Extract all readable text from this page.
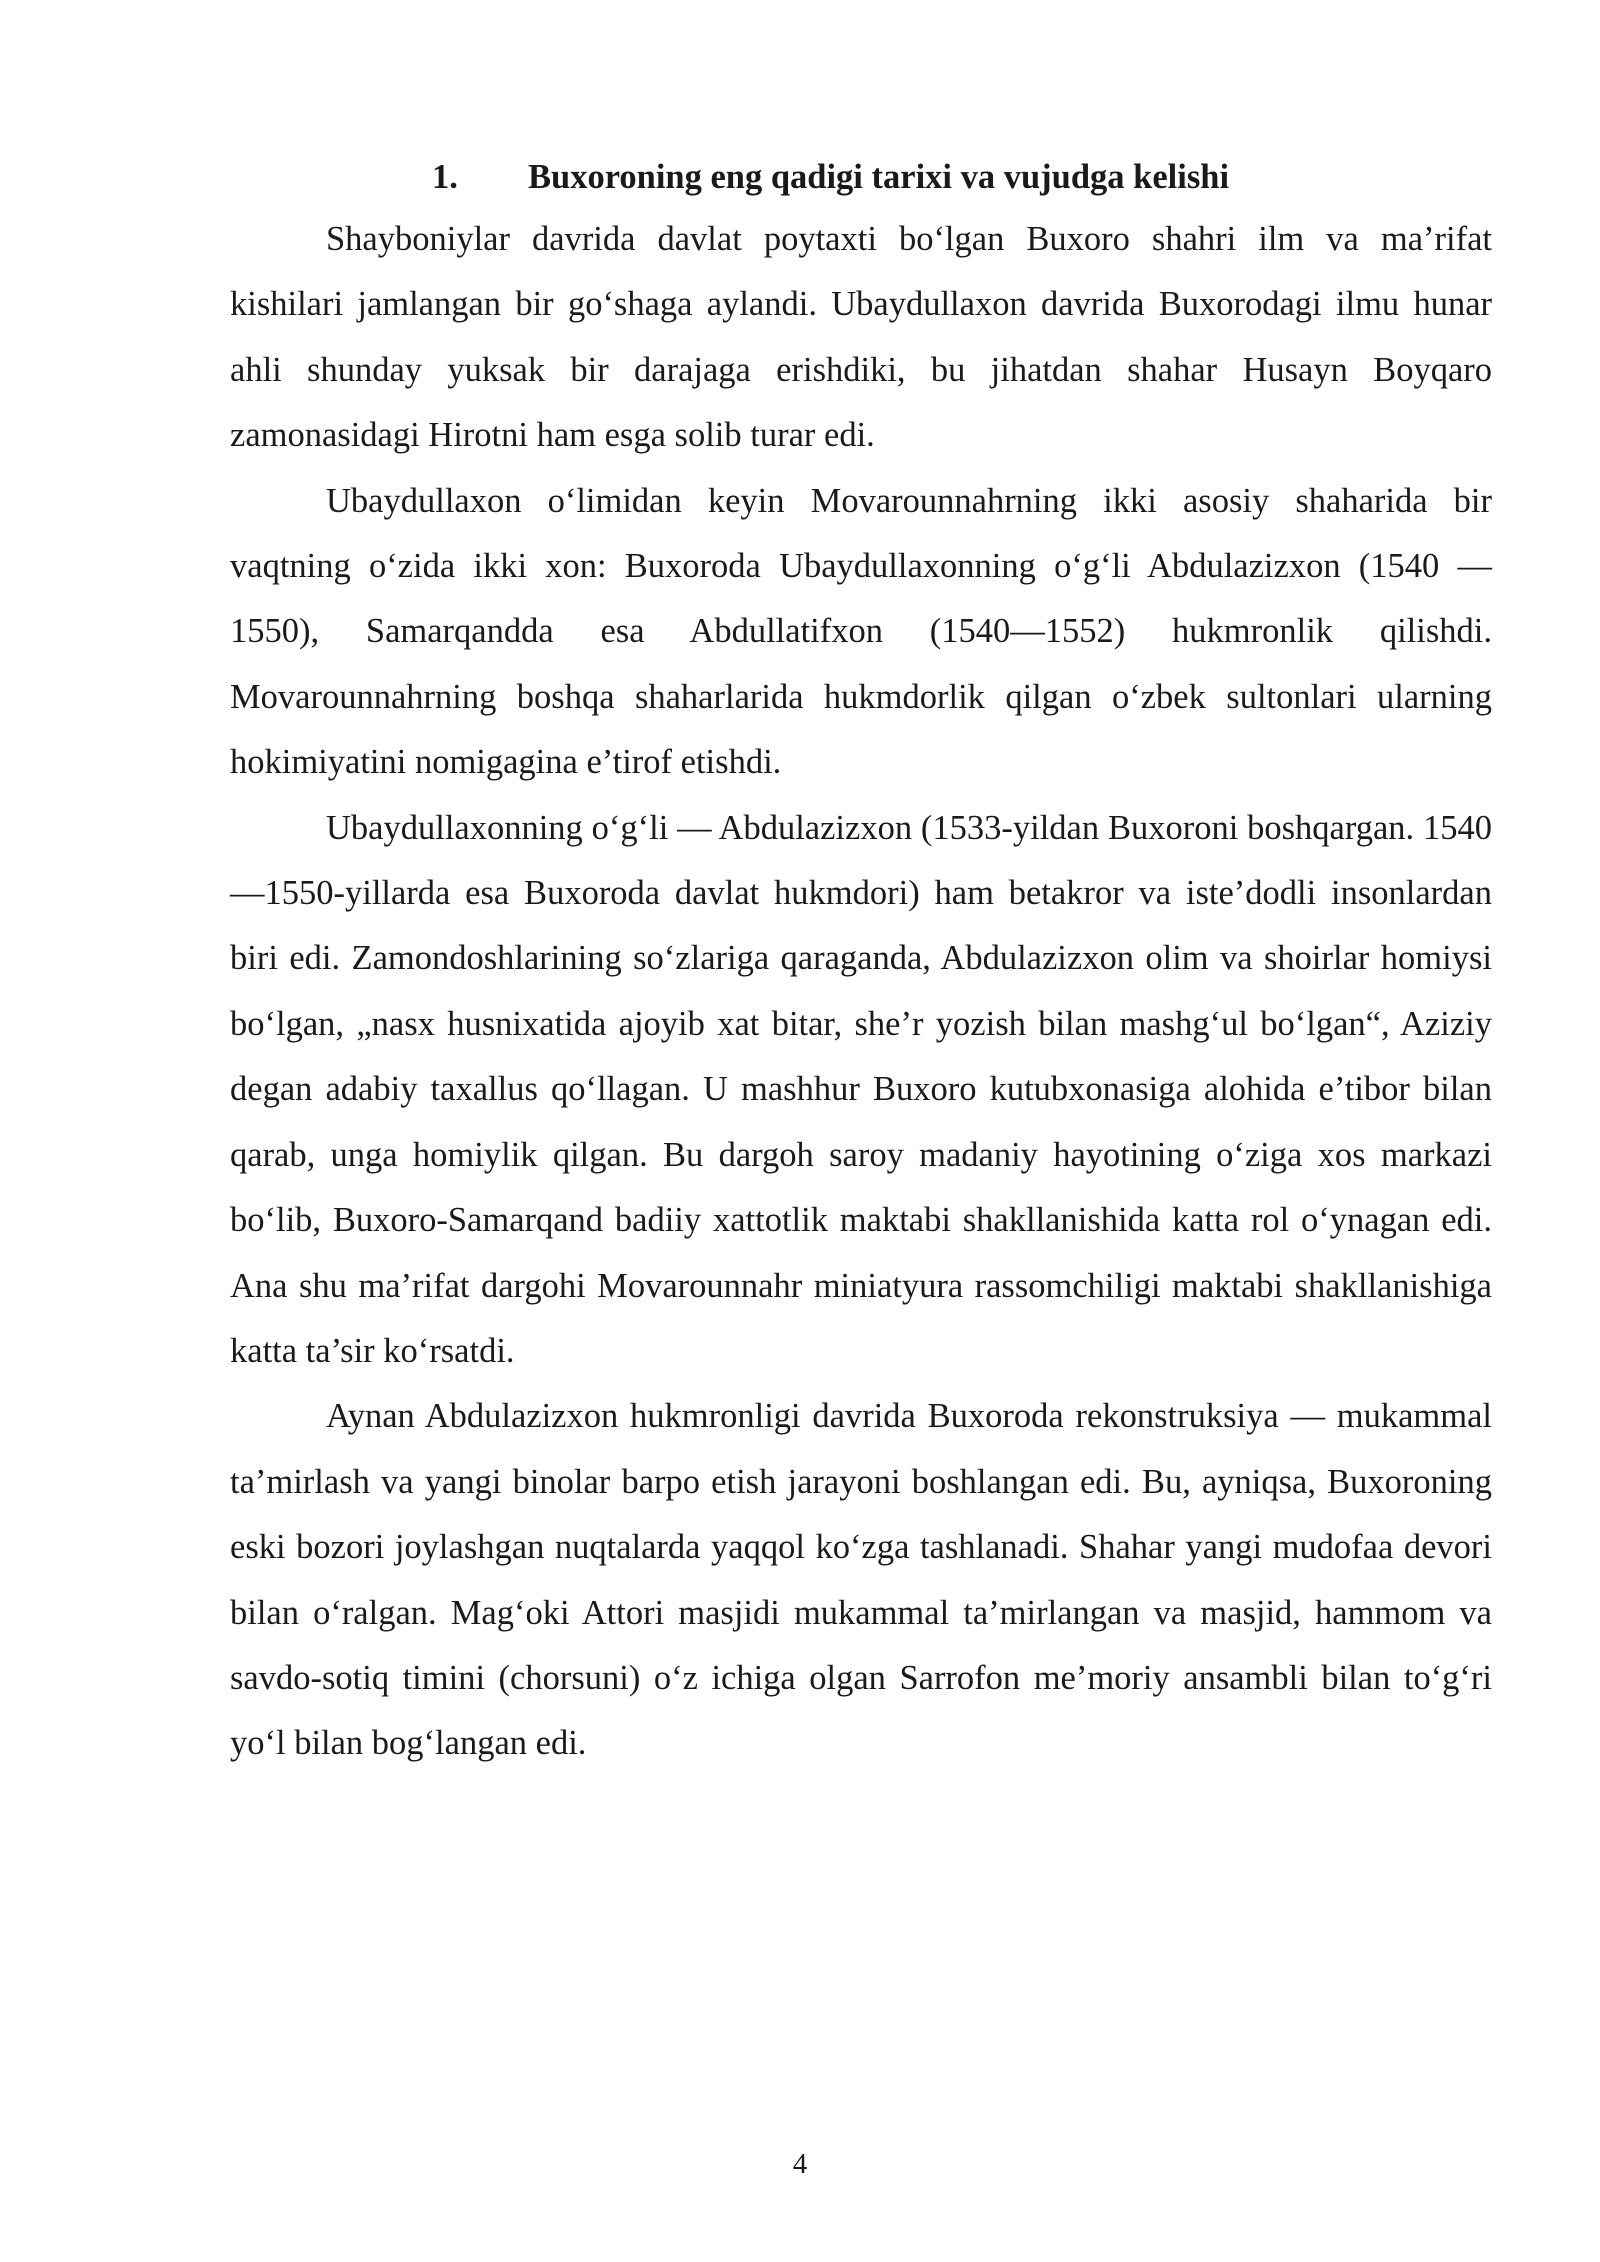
1. Buxoroning eng qadigi tarixi va vujudga kelishi

Shayboniylar davrida davlat poytaxti bo‘lgan Buxoro shahri ilm va ma’rifat kishilari jamlangan bir go‘shaga aylandi. Ubaydullaxon davrida Buxorodagi ilmu hunar ahli shunday yuksak bir darajaga erishdiki, bu jihatdan shahar Husayn Boyqaro zamonasidagi Hirotni ham esga solib turar edi.

Ubaydullaxon o‘limidan keyin Movarounnahrning ikki asosiy shaharida bir vaqtning o‘zida ikki xon: Buxoroda Ubaydullaxonning o‘g‘li Abdulazizxon (1540 —1550), Samarqandda esa Abdullatifxon (1540—1552) hukmronlik qilishdi. Movarounnahrning boshqa shaharlarida hukmdorlik qilgan o‘zbek sultonlari ularning hokimiyatini nomigagina e’tirof etishdi.

Ubaydullaxonning o‘g‘li — Abdulazizxon (1533-yildan Buxoroni boshqargan. 1540—1550-yillarda esa Buxoroda davlat hukmdori) ham betakror va iste’dodli insonlardan biri edi. Zamondoshlarining so‘zlariga qaraganda, Abdulazizxon olim va shoirlar homiysi bo‘lgan, „nasx husnixatida ajoyib xat bitar, she’r yozish bilan mashg‘ul bo‘lgan“, Aziziy degan adabiy taxallus qo‘llagan. U mashhur Buxoro kutubxonasiga alohida e’tibor bilan qarab, unga homiylik qilgan. Bu dargoh saroy madaniy hayotining o‘ziga xos markazi bo‘lib, Buxoro-Samarqand badiiy xattotlik maktabi shakllanishida katta rol o‘ynagan edi. Ana shu ma’rifat dargohi Movarounnahr miniatyura rassomchiligi maktabi shakllanishiga katta ta’sir ko‘rsatdi.

Aynan Abdulazizxon hukmronligi davrida Buxoroda rekonstruksiya — mukammal ta’mirlash va yangi binolar barpo etish jarayoni boshlangan edi. Bu, ayniqsa, Buxoroning eski bozori joylashgan nuqtalarda yaqqol ko‘zga tashlanadi. Shahar yangi mudofaa devori bilan o‘ralgan. Mag‘oki Attori masjidi mukammal ta’mirlangan va masjid, hammom va savdo-sotiq timini (chorsuni) o‘z ichiga olgan Sarrofon me’moriy ansambli bilan to‘g‘ri yo‘l bilan bog‘langan edi.

4
